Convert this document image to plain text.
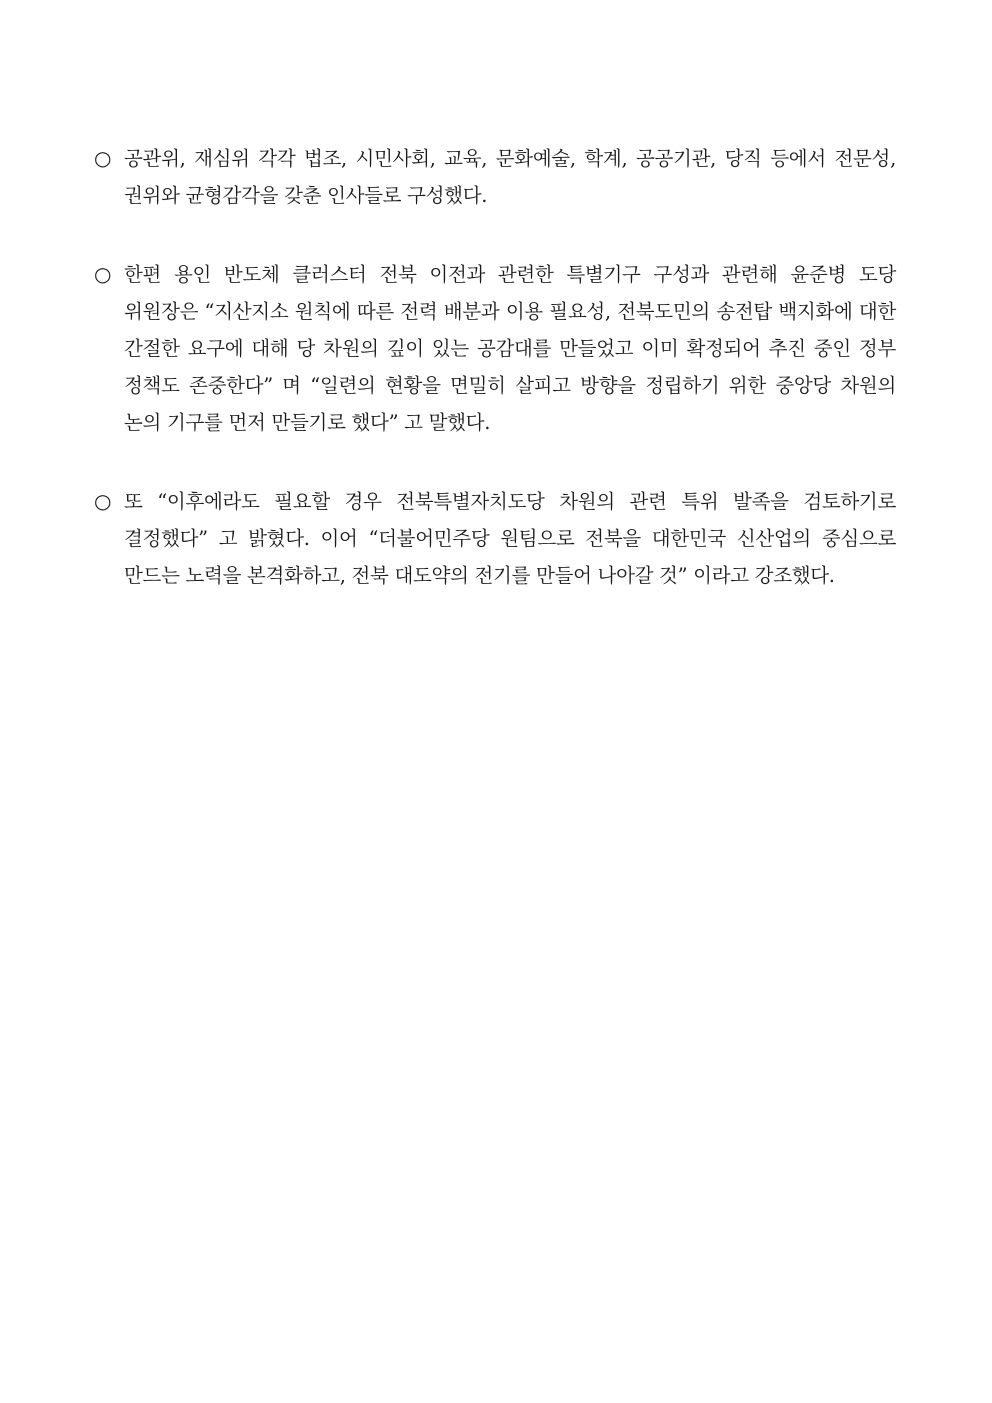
○ 공관위, 재심위 각각 법조, 시민사회, 교육, 문화예술, 학계, 공공기관, 당직 등에서 전문성, 권위와 균형감각을 갖춘 인사들로 구성했다.

○ 한편 용인 반도체 클러스터 전북 이전과 관련한 특별기구 구성과 관련해 윤준병 도당 위원장은 “지산지소 원칙에 따른 전력 배분과 이용 필요성, 전북도민의 송전탑 백지화에 대한 간절한 요구에 대해 당 차원의 깊이 있는 공감대를 만들었고 이미 확정되어 추진 중인 정부 정책도 존중한다” 며 “일련의 현황을 면밀히 살피고 방향을 정립하기 위한 중앙당 차원의 논의 기구를 먼저 만들기로 했다” 고 말했다.

○ 또 “이후에라도 필요할 경우 전북특별자치도당 차원의 관련 특위 발족을 검토하기로 결정했다” 고 밝혔다. 이어 “더불어민주당 원팀으로 전북을 대한민국 신산업의 중심으로 만드는 노력을 본격화하고, 전북 대도약의 전기를 만들어 나아갈 것” 이라고 강조했다.
